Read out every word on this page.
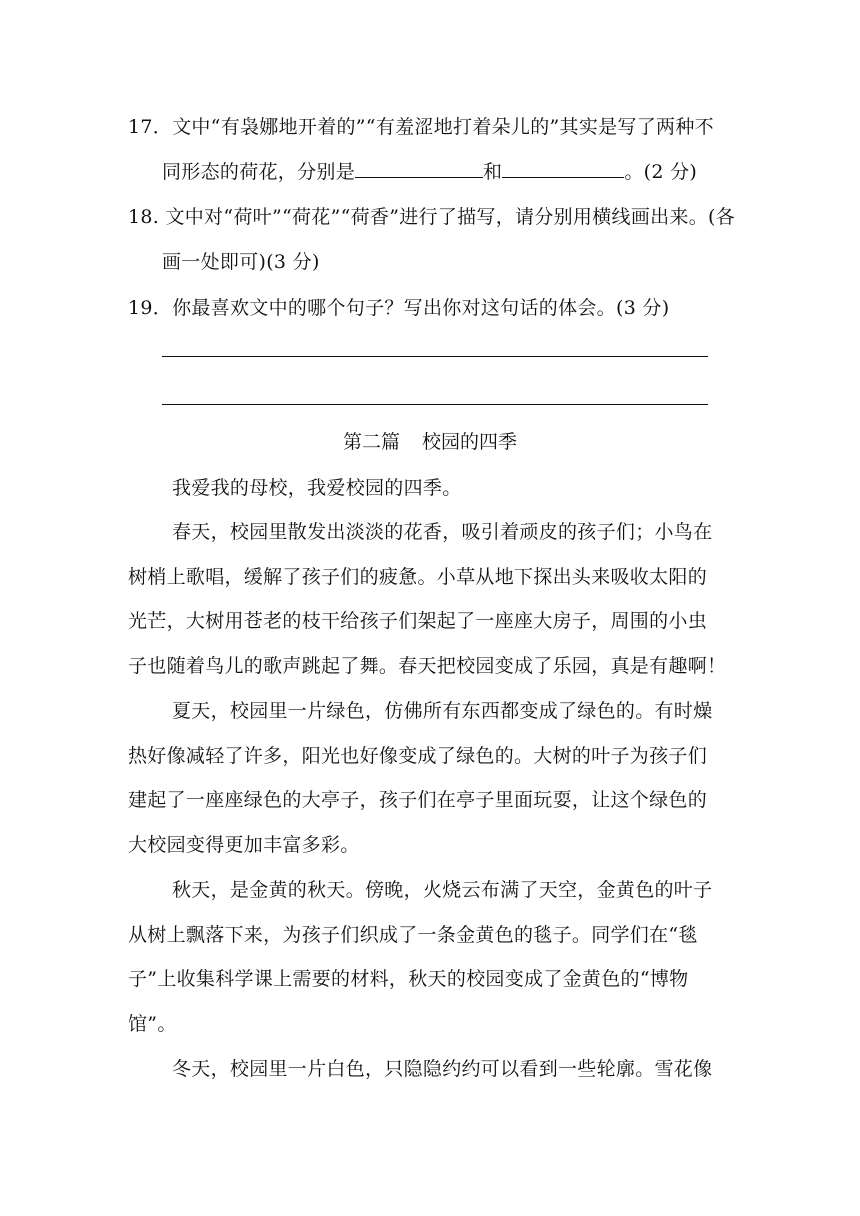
17．文中“有袅娜地开着的”“有羞涩地打着朵儿的”其实是写了两种不
同形态的荷花，分别是	和	。(2 分)
18. 文中对“荷叶”“荷花”“荷香”进行了描写，请分别用横线画出来。(各
画一处即可)(3 分)
19．你最喜欢文中的哪个句子？写出你对这句话的体会。(3 分)
第二篇 校园的四季
我爱我的母校，我爱校园的四季。
春天，校园里散发出淡淡的花香，吸引着顽皮的孩子们；小鸟在
树梢上歌唱，缓解了孩子们的疲惫。小草从地下探出头来吸收太阳的
光芒，大树用苍老的枝干给孩子们架起了一座座大房子，周围的小虫
子也随着鸟儿的歌声跳起了舞。春天把校园变成了乐园，真是有趣啊！
夏天，校园里一片绿色，仿佛所有东西都变成了绿色的。有时燥
热好像减轻了许多，阳光也好像变成了绿色的。大树的叶子为孩子们
建起了一座座绿色的大亭子，孩子们在亭子里面玩耍，让这个绿色的
大校园变得更加丰富多彩。
秋天，是金黄的秋天。傍晚，火烧云布满了天空，金黄色的叶子
从树上飘落下来，为孩子们织成了一条金黄色的毯子。同学们在“毯
子”上收集科学课上需要的材料，秋天的校园变成了金黄色的“博物
馆”。
冬天，校园里一片白色，只隐隐约约可以看到一些轮廓。雪花像
